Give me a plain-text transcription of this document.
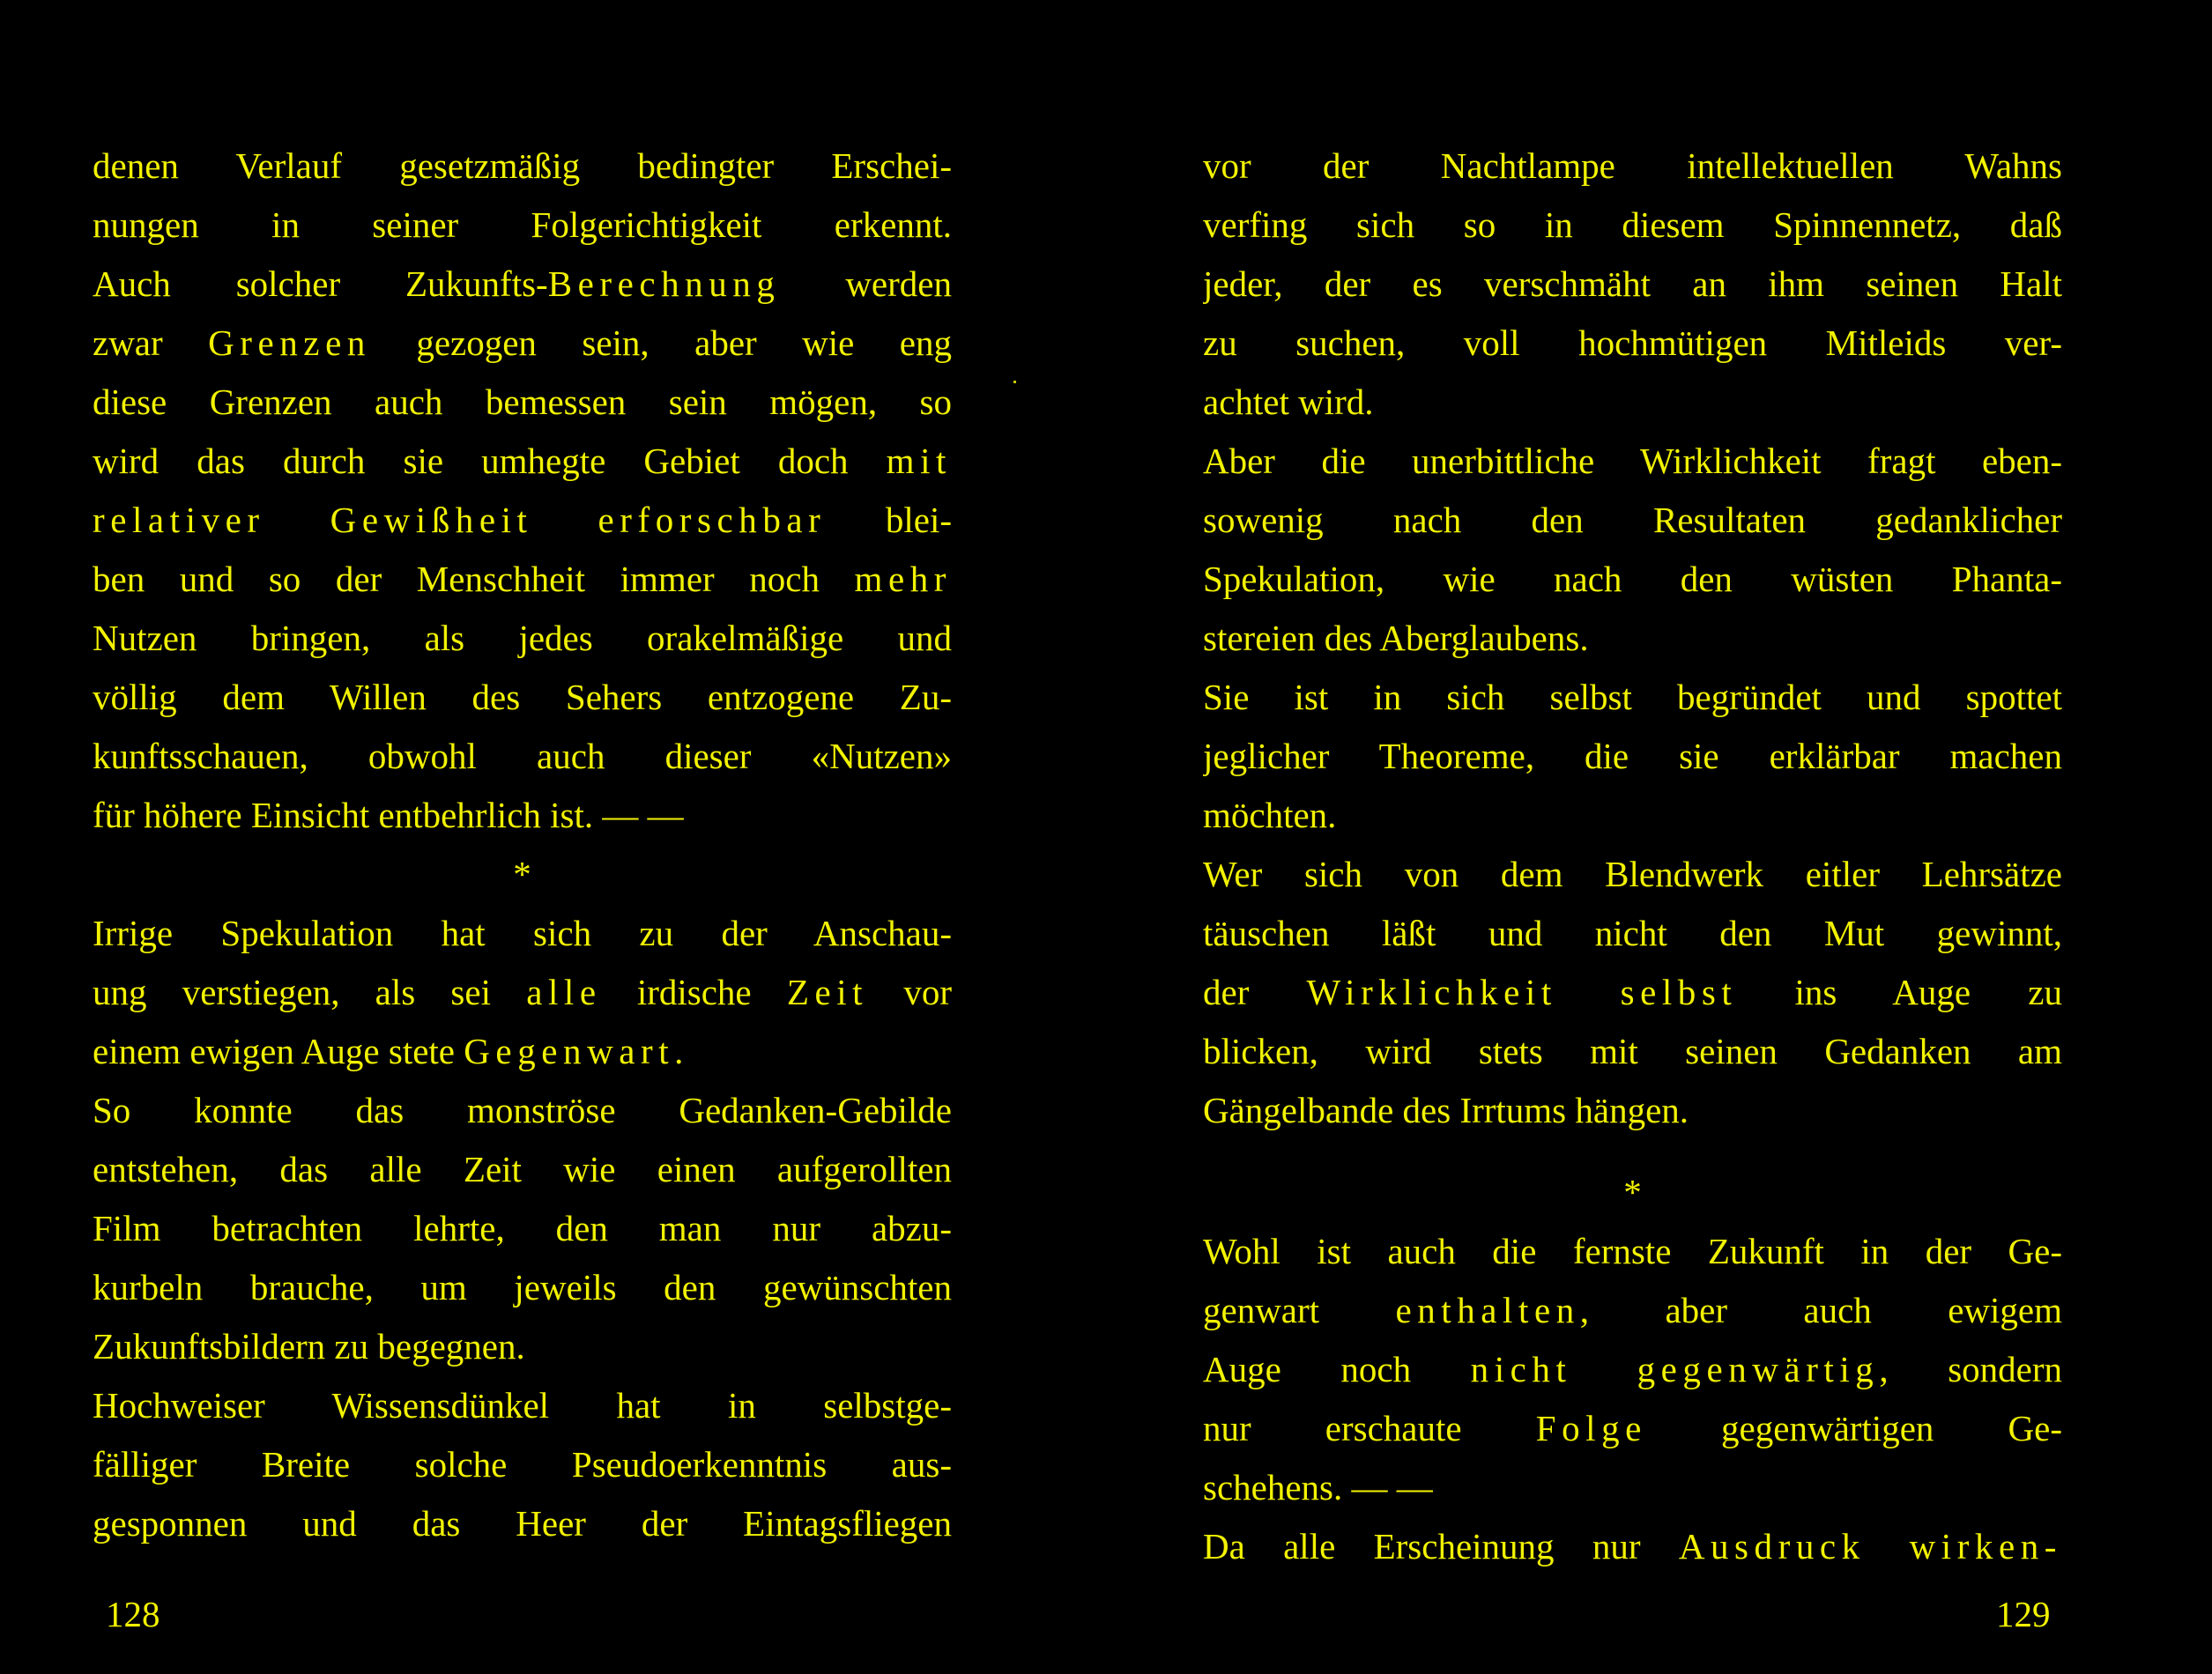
denen Verlauf gesetzmäßig bedingter Erschei-
nungen in seiner Folgerichtigkeit erkennt.
Auch solcher Zukunfts-Berechnung werden
zwar Grenzen gezogen sein, aber wie eng
diese Grenzen auch bemessen sein mögen, so
wird das durch sie umhegte Gebiet doch mit
relativer Gewißheit erforschbar blei-
ben und so der Menschheit immer noch mehr
Nutzen bringen, als jedes orakelmäßige und
völlig dem Willen des Sehers entzogene Zu-
kunftsschauen, obwohl auch dieser «Nutzen»
für höhere Einsicht entbehrlich ist. — —
*
Irrige Spekulation hat sich zu der Anschau-
ung verstiegen, als sei alle irdische Zeit vor
einem ewigen Auge stete Gegenwart.
So konnte das monströse Gedanken-Gebilde
entstehen, das alle Zeit wie einen aufgerollten
Film betrachten lehrte, den man nur abzu-
kurbeln brauche, um jeweils den gewünschten
Zukunftsbildern zu begegnen.
Hochweiser Wissensdünkel hat in selbstge-
fälliger Breite solche Pseudoerkenntnis aus-
gesponnen und das Heer der Eintagsfliegen
vor der Nachtlampe intellektuellen Wahns
verfing sich so in diesem Spinnennetz, daß
jeder, der es verschmäht an ihm seinen Halt
zu suchen, voll hochmütigen Mitleids ver-
achtet wird.
Aber die unerbittliche Wirklichkeit fragt eben-
sowenig nach den Resultaten gedanklicher
Spekulation, wie nach den wüsten Phanta-
stereien des Aberglaubens.
Sie ist in sich selbst begründet und spottet
jeglicher Theoreme, die sie erklärbar machen
möchten.
Wer sich von dem Blendwerk eitler Lehrsätze
täuschen läßt und nicht den Mut gewinnt,
der Wirklichkeit selbst ins Auge zu
blicken, wird stets mit seinen Gedanken am
Gängelbande des Irrtums hängen.
*
Wohl ist auch die fernste Zukunft in der Ge-
genwart enthalten, aber auch ewigem
Auge noch nicht gegenwärtig, sondern
nur erschaute Folge gegenwärtigen Ge-
schehens. — —
Da alle Erscheinung nur Ausdruck wirken-
128	129
